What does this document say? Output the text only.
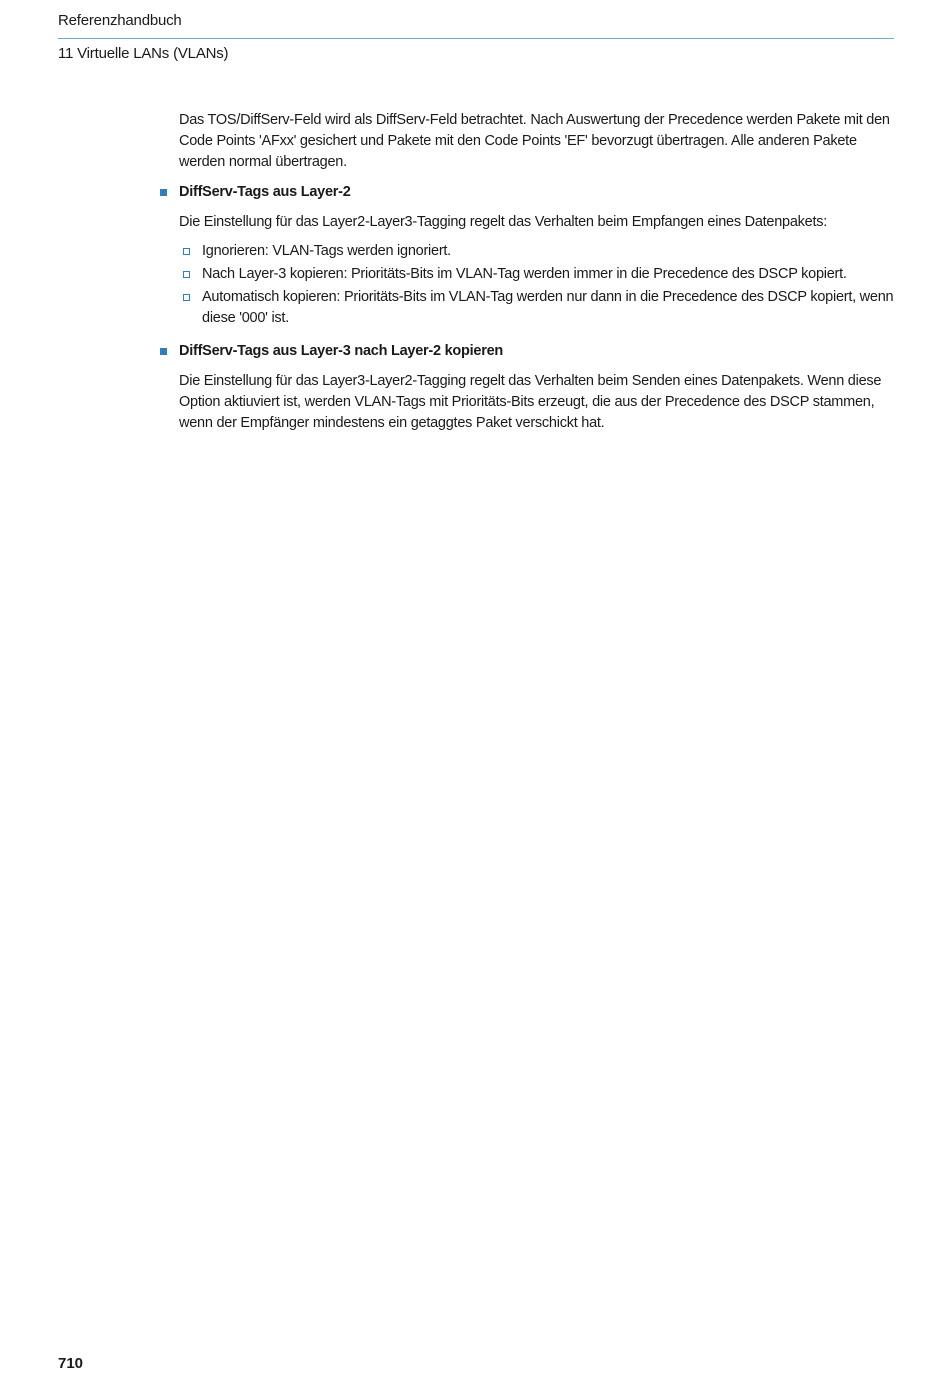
Referenzhandbuch
11 Virtuelle LANs (VLANs)

Das TOS/DiffServ-Feld wird als DiffServ-Feld betrachtet. Nach Auswertung der Precedence werden Pakete mit den Code Points 'AFxx' gesichert und Pakete mit den Code Points 'EF' bevorzugt übertragen. Alle anderen Pakete werden normal übertragen.

DiffServ-Tags aus Layer-2

Die Einstellung für das Layer2-Layer3-Tagging regelt das Verhalten beim Empfangen eines Datenpakets:

Ignorieren: VLAN-Tags werden ignoriert.
Nach Layer-3 kopieren: Prioritäts-Bits im VLAN-Tag werden immer in die Precedence des DSCP kopiert.
Automatisch kopieren: Prioritäts-Bits im VLAN-Tag werden nur dann in die Precedence des DSCP kopiert, wenn diese '000' ist.
DiffServ-Tags aus Layer-3 nach Layer-2 kopieren

Die Einstellung für das Layer3-Layer2-Tagging regelt das Verhalten beim Senden eines Datenpakets. Wenn diese Option aktiuviert ist, werden VLAN-Tags mit Prioritäts-Bits erzeugt, die aus der Precedence des DSCP stammen, wenn der Empfänger mindestens ein getaggtes Paket verschickt hat.

710
